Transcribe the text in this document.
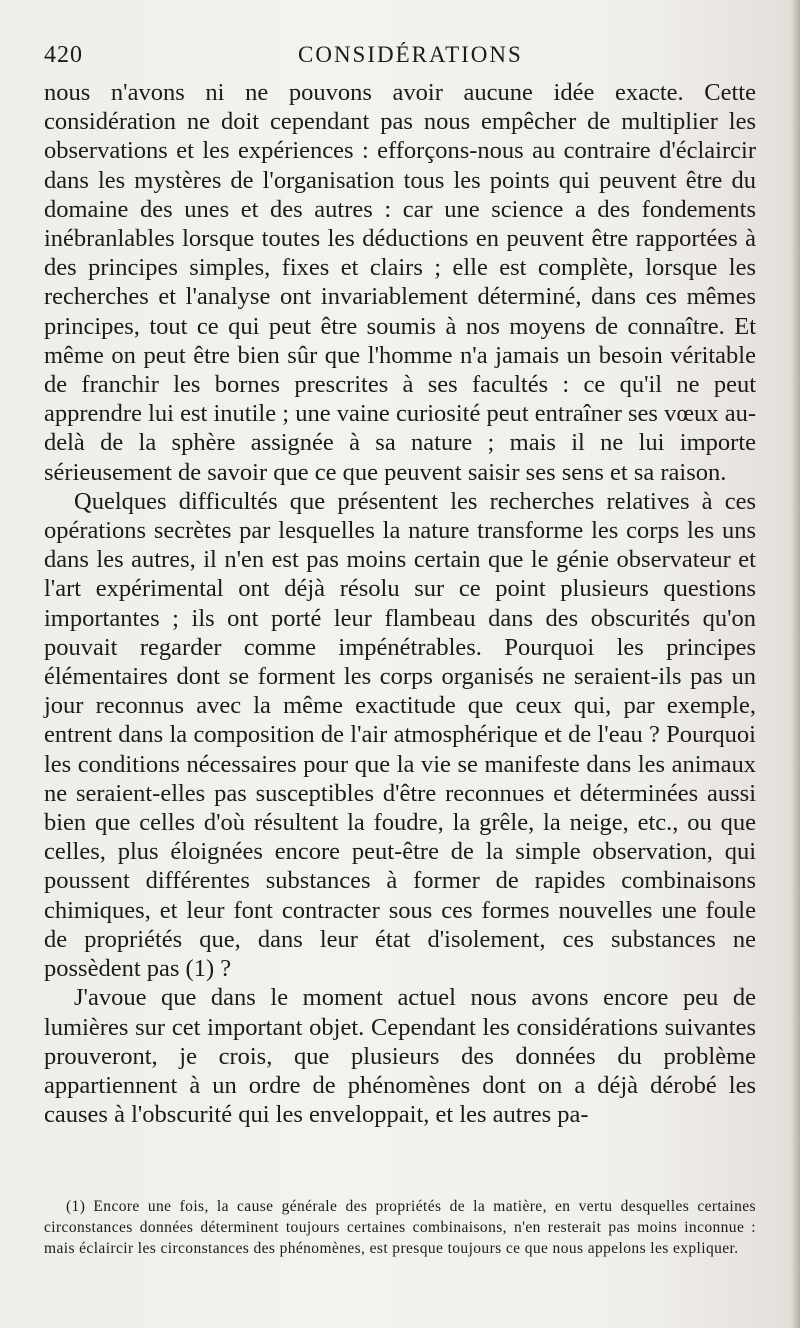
420	CONSIDÉRATIONS

nous n'avons ni ne pouvons avoir aucune idée exacte. Cette considération ne doit cependant pas nous empêcher de multiplier les observations et les expériences : efforçons-nous au contraire d'éclaircir dans les mystères de l'organisation tous les points qui peuvent être du domaine des unes et des autres : car une science a des fondements inébranlables lorsque toutes les déductions en peuvent être rapportées à des principes simples, fixes et clairs ; elle est complète, lorsque les recherches et l'analyse ont invariablement déterminé, dans ces mêmes principes, tout ce qui peut être soumis à nos moyens de connaître. Et même on peut être bien sûr que l'homme n'a jamais un besoin véritable de franchir les bornes prescrites à ses facultés : ce qu'il ne peut apprendre lui est inutile ; une vaine curiosité peut entraîner ses vœux au-delà de la sphère assignée à sa nature ; mais il ne lui importe sérieusement de savoir que ce que peuvent saisir ses sens et sa raison.

Quelques difficultés que présentent les recherches relatives à ces opérations secrètes par lesquelles la nature transforme les corps les uns dans les autres, il n'en est pas moins certain que le génie observateur et l'art expérimental ont déjà résolu sur ce point plusieurs questions importantes ; ils ont porté leur flambeau dans des obscurités qu'on pouvait regarder comme impénétrables. Pourquoi les principes élémentaires dont se forment les corps organisés ne seraient-ils pas un jour reconnus avec la même exactitude que ceux qui, par exemple, entrent dans la composition de l'air atmosphérique et de l'eau ? Pourquoi les conditions nécessaires pour que la vie se manifeste dans les animaux ne seraient-elles pas susceptibles d'être reconnues et déterminées aussi bien que celles d'où résultent la foudre, la grêle, la neige, etc., ou que celles, plus éloignées encore peut-être de la simple observation, qui poussent différentes substances à former de rapides combinaisons chimiques, et leur font contracter sous ces formes nouvelles une foule de propriétés que, dans leur état d'isolement, ces substances ne possèdent pas (1) ?

J'avoue que dans le moment actuel nous avons encore peu de lumières sur cet important objet. Cependant les considérations suivantes prouveront, je crois, que plusieurs des données du problème appartiennent à un ordre de phénomènes dont on a déjà dérobé les causes à l'obscurité qui les enveloppait, et les autres pa-

(1) Encore une fois, la cause générale des propriétés de la matière, en vertu desquelles certaines circonstances données déterminent toujours certaines combinaisons, n'en resterait pas moins inconnue : mais éclaircir les circonstances des phénomènes, est presque toujours ce que nous appelons les expliquer.
